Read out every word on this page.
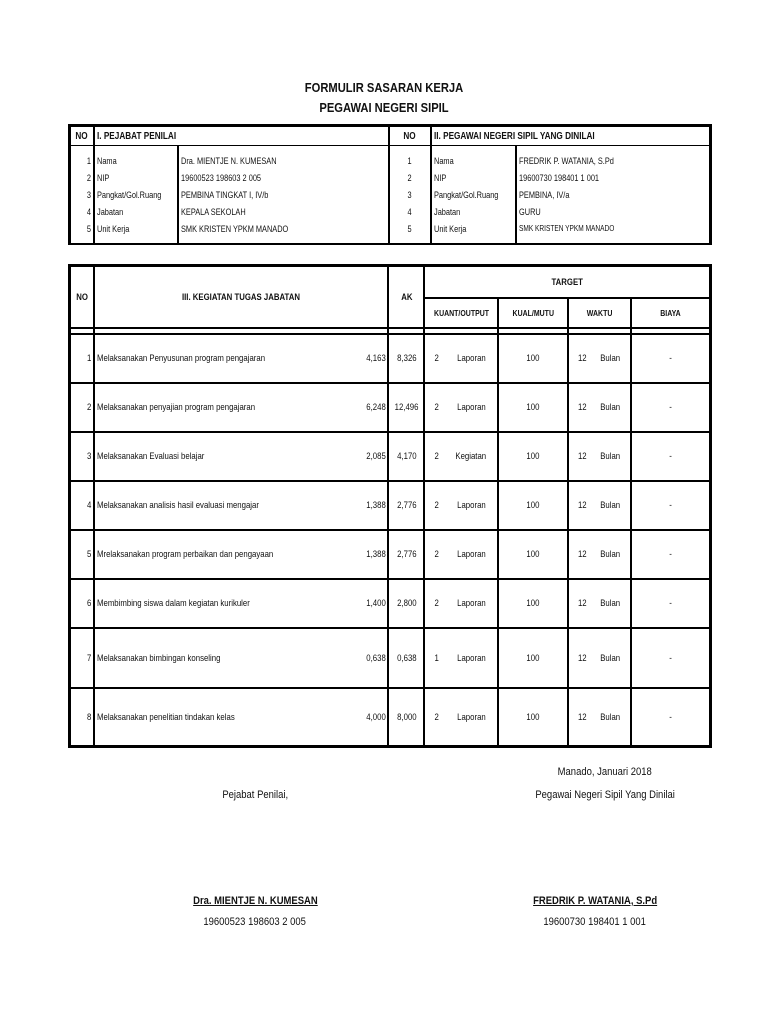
FORMULIR SASARAN KERJA
PEGAWAI NEGERI SIPIL
NO	I. PEJABAT PENILAI		NO	II. PEGAWAI NEGERI SIPIL YANG DINILAI	

1	Nama	Dra. MIENTJE N. KUMESAN	1	Nama	FREDRIK P. WATANIA, S.Pd
2	NIP	19600523 198603 2 005	2	NIP	19600730 198401 1 001
3	Pangkat/Gol.Ruang	PEMBINA TINGKAT I, IV/b	3	Pangkat/Gol.Ruang	PEMBINA, IV/a
4	Jabatan	KEPALA SEKOLAH	4	Jabatan	GURU
5	Unit Kerja	SMK KRISTEN YPKM MANADO	5	Unit Kerja	SMK KRISTEN YPKM MANADO

NO	III. KEGIATAN TUGAS JABATAN	AK	TARGET			
			KUANT/OUTPUT	KUAL/MUTU	WAKTU	BIAYA

1	Melaksanakan Penyusunan program pengajaran 4,163	8,326	2 Laporan	100	12 Bulan	-
2	Melaksanakan penyajian program pengajaran 6,248	12,496	2 Laporan	100	12 Bulan	-
3	Melaksanakan Evaluasi belajar 2,085	4,170	2 Kegiatan	100	12 Bulan	-
4	Melaksanakan analisis hasil evaluasi mengajar 1,388	2,776	2 Laporan	100	12 Bulan	-
5	Mrelaksanakan program perbaikan dan pengayaan 1,388	2,776	2 Laporan	100	12 Bulan	-
6	Membimbing siswa dalam kegiatan kurikuler 1,400	2,800	2 Laporan	100	12 Bulan	-
7	Melaksanakan bimbingan konseling 0,638	0,638	1 Laporan	100	12 Bulan	-
8	Melaksanakan penelitian tindakan kelas 4,000	8,000	2 Laporan	100	12 Bulan	-
Manado, Januari 2018
Pejabat Penilai,	Pegawai Negeri Sipil Yang Dinilai
Dra. MIENTJE N. KUMESAN
19600523 198603 2 005
FREDRIK P. WATANIA, S.Pd
19600730 198401 1 001
